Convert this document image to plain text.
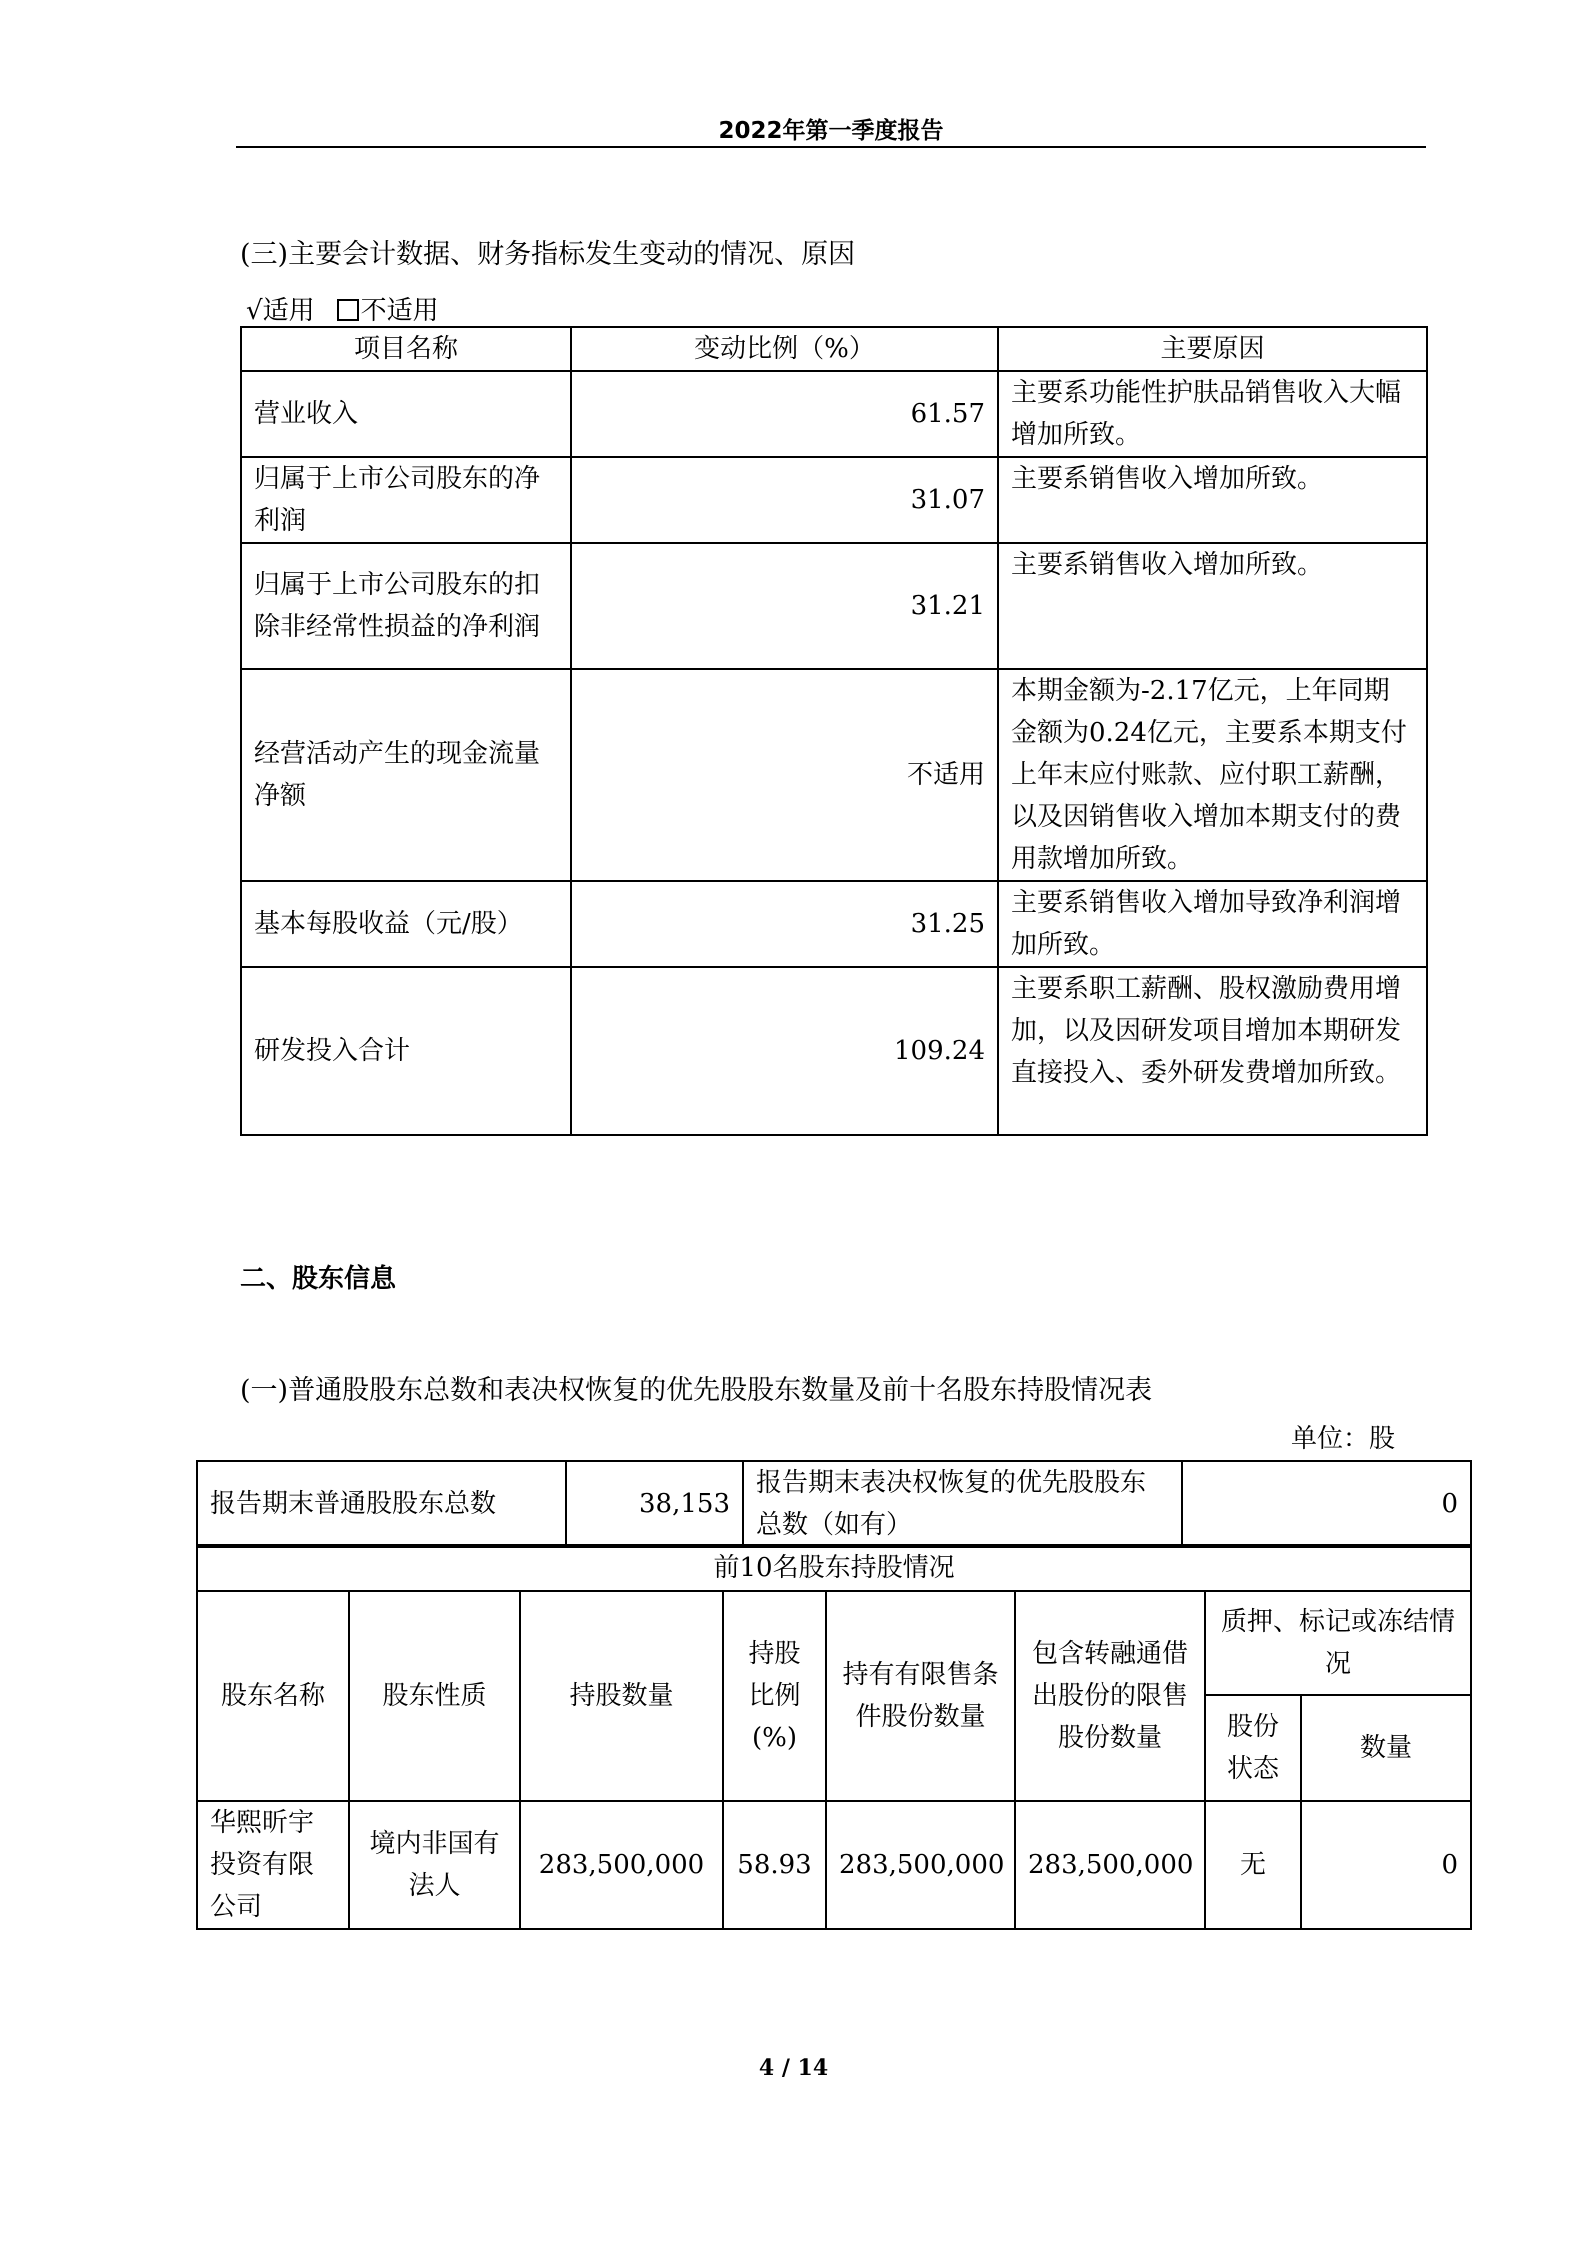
2022年第一季度报告
(三)主要会计数据、财务指标发生变动的情况、原因
√适用 不适用
项目名称	变动比例（%）	主要原因
营业收入	61.57	主要系功能性护肤品销售收入大幅增加所致。
归属于上市公司股东的净利润	31.07	主要系销售收入增加所致。
归属于上市公司股东的扣除非经常性损益的净利润	31.21	主要系销售收入增加所致。
经营活动产生的现金流量净额	不适用	本期金额为-2.17亿元，上年同期金额为0.24亿元，主要系本期支付上年末应付账款、应付职工薪酬，以及因销售收入增加本期支付的费用款增加所致。
基本每股收益（元/股）	31.25	主要系销售收入增加导致净利润增加所致。
研发投入合计	109.24	主要系职工薪酬、股权激励费用增加，以及因研发项目增加本期研发直接投入、委外研发费增加所致。
二、股东信息
(一)普通股股东总数和表决权恢复的优先股股东数量及前十名股东持股情况表
单位：股
报告期末普通股股东总数	38,153	报告期末表决权恢复的优先股股东总数（如有）	0
前10名股东持股情况							
股东名称	股东性质	持股数量	持股比例(%)	持有有限售条件股份数量	包含转融通借出股份的限售股份数量	质押、标记或冻结情况	
						股份状态	数量
华熙昕宇投资有限公司	境内非国有法人	283,500,000	58.93	283,500,000	283,500,000	无	0
4 / 14
